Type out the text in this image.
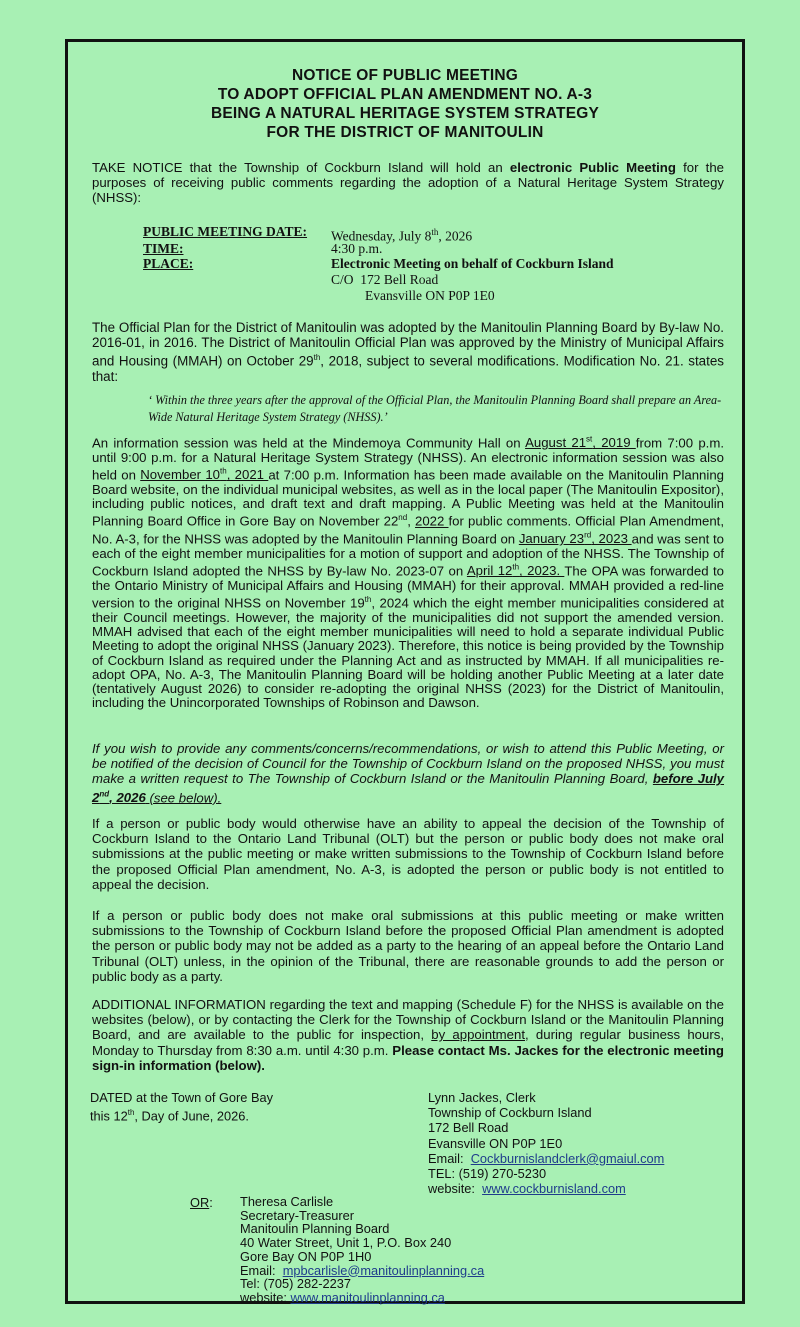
NOTICE OF PUBLIC MEETING
TO ADOPT OFFICIAL PLAN AMENDMENT NO. A-3
BEING A NATURAL HERITAGE SYSTEM STRATEGY
FOR THE DISTRICT OF MANITOULIN
TAKE NOTICE that the Township of Cockburn Island will hold an electronic Public Meeting for the purposes of receiving public comments regarding the adoption of a Natural Heritage System Strategy (NHSS):
PUBLIC MEETING DATE: Wednesday, July 8th, 2026
TIME:	4:30 p.m.
PLACE:	Electronic Meeting on behalf of Cockburn Island
C/O 172 Bell Road
Evansville ON P0P 1E0
The Official Plan for the District of Manitoulin was adopted by the Manitoulin Planning Board by By-law No. 2016-01, in 2016. The District of Manitoulin Official Plan was approved by the Ministry of Municipal Affairs and Housing (MMAH) on October 29th, 2018, subject to several modifications. Modification No. 21. states that:
‘ Within the three years after the approval of the Official Plan, the Manitoulin Planning Board shall prepare an Area-Wide Natural Heritage System Strategy (NHSS).’
An information session was held at the Mindemoya Community Hall on August 21st, 2019 from 7:00 p.m. until 9:00 p.m. for a Natural Heritage System Strategy (NHSS). An electronic information session was also held on November 10th, 2021 at 7:00 p.m. Information has been made available on the Manitoulin Planning Board website, on the individual municipal websites, as well as in the local paper (The Manitoulin Expositor), including public notices, and draft text and draft mapping. A Public Meeting was held at the Manitoulin Planning Board Office in Gore Bay on November 22nd, 2022 for public comments. Official Plan Amendment, No. A-3, for the NHSS was adopted by the Manitoulin Planning Board on January 23rd, 2023 and was sent to each of the eight member municipalities for a motion of support and adoption of the NHSS. The Township of Cockburn Island adopted the NHSS by By-law No. 2023-07 on April 12th, 2023. The OPA was forwarded to the Ontario Ministry of Municipal Affairs and Housing (MMAH) for their approval. MMAH provided a red-line version to the original NHSS on November 19th, 2024 which the eight member municipalities considered at their Council meetings. However, the majority of the municipalities did not support the amended version. MMAH advised that each of the eight member municipalities will need to hold a separate individual Public Meeting to adopt the original NHSS (January 2023). Therefore, this notice is being provided by the Township of Cockburn Island as required under the Planning Act and as instructed by MMAH. If all municipalities re-adopt OPA, No. A-3, The Manitoulin Planning Board will be holding another Public Meeting at a later date (tentatively August 2026) to consider re-adopting the original NHSS (2023) for the District of Manitoulin, including the Unincorporated Townships of Robinson and Dawson.
If you wish to provide any comments/concerns/recommendations, or wish to attend this Public Meeting, or be notified of the decision of Council for the Township of Cockburn Island on the proposed NHSS, you must make a written request to The Township of Cockburn Island or the Manitoulin Planning Board, before July 2nd, 2026 (see below).
If a person or public body would otherwise have an ability to appeal the decision of the Township of Cockburn Island to the Ontario Land Tribunal (OLT) but the person or public body does not make oral submissions at the public meeting or make written submissions to the Township of Cockburn Island before the proposed Official Plan amendment, No. A-3, is adopted the person or public body is not entitled to appeal the decision.
If a person or public body does not make oral submissions at this public meeting or make written submissions to the Township of Cockburn Island before the proposed Official Plan amendment is adopted the person or public body may not be added as a party to the hearing of an appeal before the Ontario Land Tribunal (OLT) unless, in the opinion of the Tribunal, there are reasonable grounds to add the person or public body as a party.
ADDITIONAL INFORMATION regarding the text and mapping (Schedule F) for the NHSS is available on the websites (below), or by contacting the Clerk for the Township of Cockburn Island or the Manitoulin Planning Board, and are available to the public for inspection, by appointment, during regular business hours, Monday to Thursday from 8:30 a.m. until 4:30 p.m. Please contact Ms. Jackes for the electronic meeting sign-in information (below).
DATED at the Town of Gore Bay
this 12th, Day of June, 2026.
Lynn Jackes, Clerk
Township of Cockburn Island
172 Bell Road
Evansville ON P0P 1E0
Email: Cockburnislandclerk@gmaiul.com
TEL: (519) 270-5230
website: www.cockburnisland.com
OR: Theresa Carlisle
Secretary-Treasurer
Manitoulin Planning Board
40 Water Street, Unit 1, P.O. Box 240
Gore Bay ON P0P 1H0
Email: mpbcarlisle@manitoulinplanning.ca
Tel: (705) 282-2237
website: www.manitoulinplanning.ca
